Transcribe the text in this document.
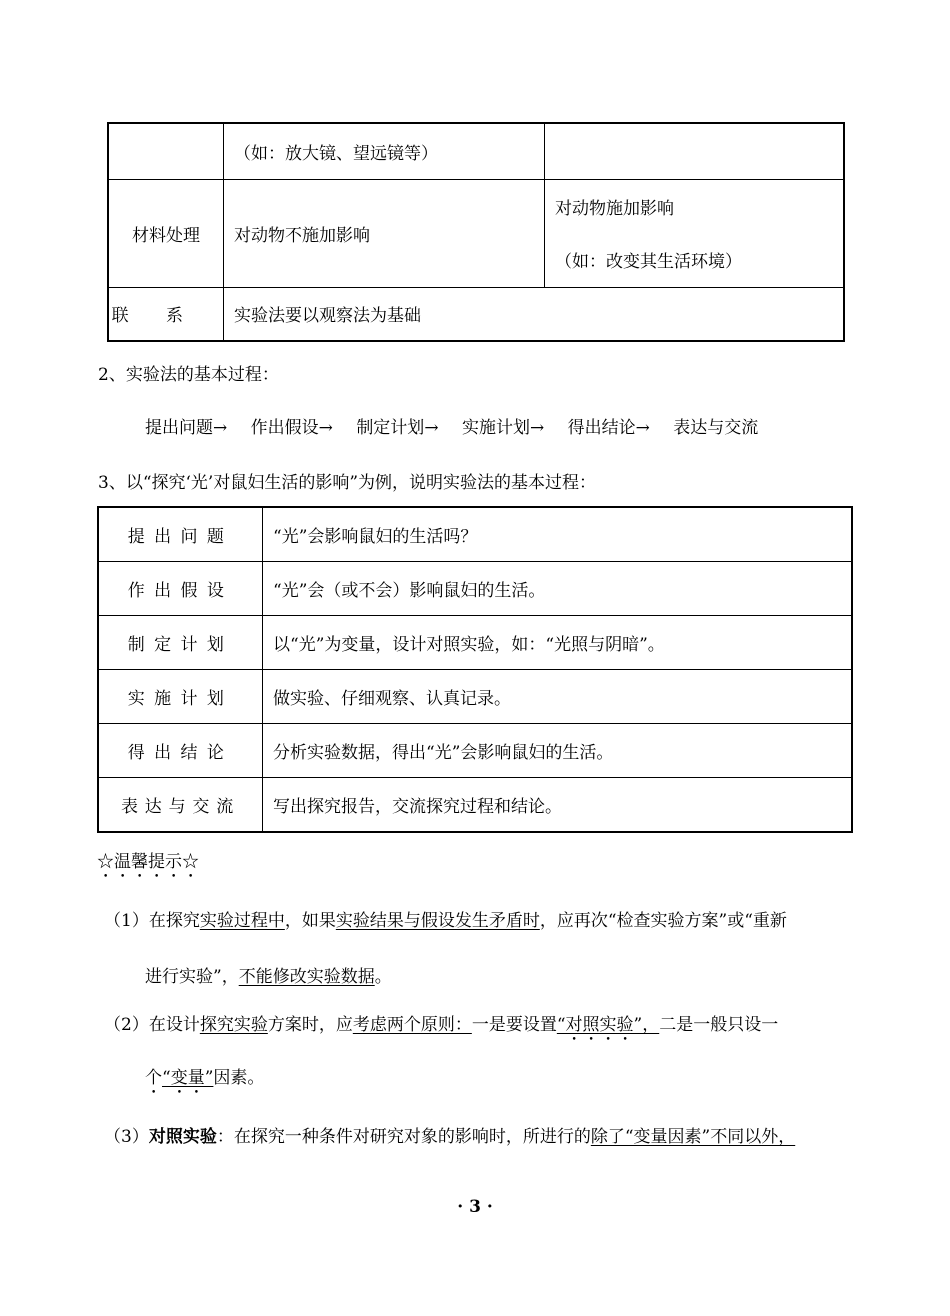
	（如：放大镜、望远镜等）	
材料处理	对动物不施加影响	对动物施加影响
（如：改变其生活环境）

联系	实验法要以观察法为基础	
2、实验法的基本过程：
提出问题→ 作出假设→ 制定计划→ 实施计划→ 得出结论→ 表达与交流
3、以“探究‘光’对鼠妇生活的影响”为例，说明实验法的基本过程：
提出问题	“光”会影响鼠妇的生活吗？
作出假设	“光”会（或不会）影响鼠妇的生活。
制定计划	以“光”为变量，设计对照实验，如：“光照与阴暗”。
实施计划	做实验、仔细观察、认真记录。
得出结论	分析实验数据，得出“光”会影响鼠妇的生活。
表达与交流	写出探究报告，交流探究过程和结论。
☆温馨提示☆
（1）在探究实验过程中，如果实验结果与假设发生矛盾时，应再次“检查实验方案”或“重新
进行实验”，不能修改实验数据。
（2）在设计探究实验方案时，应考虑两个原则：一是要设置“对照实验”，二是一般只设一
个“变量”因素。
（3）对照实验：在探究一种条件对研究对象的影响时，所进行的除了“变量因素”不同以外，
· 3 ·
